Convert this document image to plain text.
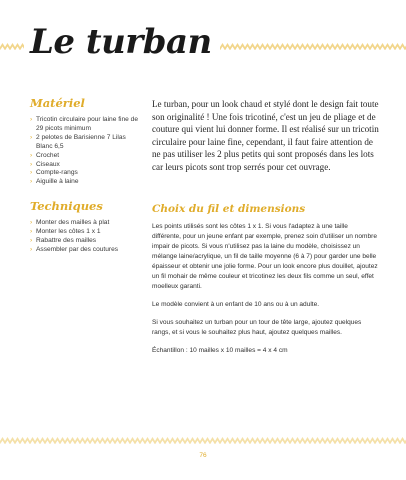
Le turban
Matériel
› Tricotin circulaire pour laine fine de 29 picots minimum
› 2 pelotes de Barisienne 7 Lilas Blanc 6,5
› Crochet
› Ciseaux
› Compte-rangs
› Aiguille à laine
Techniques
› Monter des mailles à plat
› Monter les côtes 1 x 1
› Rabattre des mailles
› Assembler par des coutures

Le turban, pour un look chaud et stylé dont le design fait toute son originalité ! Une fois tricotiné, c'est un jeu de pliage et de couture qui vient lui donner forme. Il est réalisé sur un tricotin circulaire pour laine fine, cependant, il faut faire attention de ne pas utiliser les 2 plus petits qui sont proposés dans les lots car leurs picots sont trop serrés pour cet ouvrage.

Choix du fil et dimensions

Les points utilisés sont les côtes 1 x 1. Si vous l'adaptez à une taille différente, pour un jeune enfant par exemple, prenez soin d'utiliser un nombre impair de picots. Si vous n'utilisez pas la laine du modèle, choisissez un mélange laine/acrylique, un fil de taille moyenne (6 à 7) pour garder une belle épaisseur et obtenir une jolie forme. Pour un look encore plus douillet, ajoutez un fil mohair de même couleur et tricotinez les deux fils comme un seul, effet moelleux garanti.

Le modèle convient à un enfant de 10 ans ou à un adulte.

Si vous souhaitez un turban pour un tour de tête large, ajoutez quelques rangs, et si vous le souhaitez plus haut, ajoutez quelques mailles.

Échantillon : 10 mailles x 10 mailles = 4 x 4 cm

76
